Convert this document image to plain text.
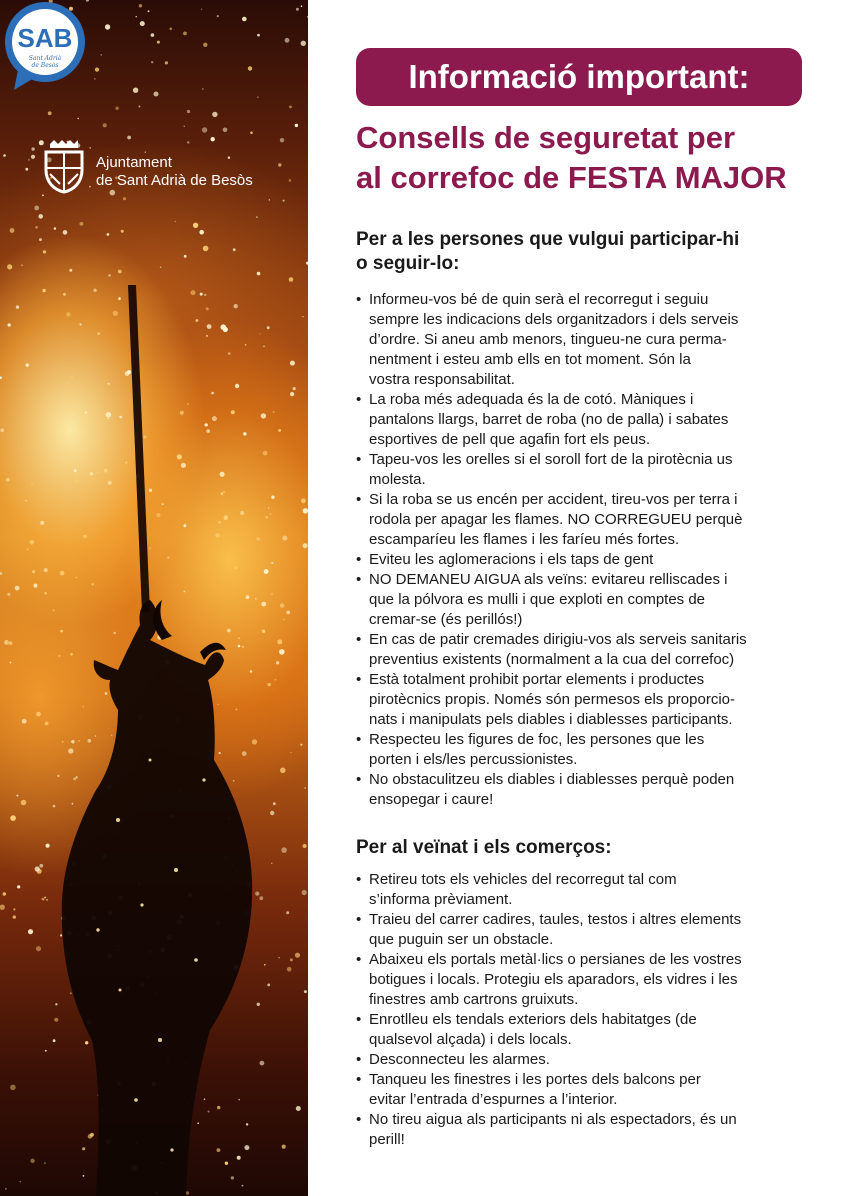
SAB
Sant Adrià
de Besòs
Ajuntament
de Sant Adrià de Besòs
Informació important:
Consells de seguretat per
al correfoc de FESTA MAJOR
Per a les persones que vulgui participar-hi
o seguir-lo:
• Informeu-vos bé de quin serà el recorregut i seguiu
sempre les indicacions dels organitzadors i dels serveis
d’ordre. Si aneu amb menors, tingueu-ne cura perma-
nentment i esteu amb ells en tot moment. Són la
vostra responsabilitat.
• La roba més adequada és la de cotó. Màniques i
pantalons llargs, barret de roba (no de palla) i sabates
esportives de pell que agafin fort els peus.
• Tapeu-vos les orelles si el soroll fort de la pirotècnia us
molesta.
• Si la roba se us encén per accident, tireu-vos per terra i
rodola per apagar les flames. NO CORREGUEU perquè
escamparíeu les flames i les faríeu més fortes.
• Eviteu les aglomeracions i els taps de gent
• NO DEMANEU AIGUA als veïns: evitareu relliscades i
que la pólvora es mulli i que exploti en comptes de
cremar-se (és perillós!)
• En cas de patir cremades dirigiu-vos als serveis sanitaris
preventius existents (normalment a la cua del correfoc)
• Està totalment prohibit portar elements i productes
pirotècnics propis. Només són permesos els proporcio-
nats i manipulats pels diables i diablesses participants.
• Respecteu les figures de foc, les persones que les
porten i els/les percussionistes.
• No obstaculitzeu els diables i diablesses perquè poden
ensopegar i caure!
Per al veïnat i els comerços:
• Retireu tots els vehicles del recorregut tal com
s’informa prèviament.
• Traieu del carrer cadires, taules, testos i altres elements
que puguin ser un obstacle.
• Abaixeu els portals metàl·lics o persianes de les vostres
botigues i locals. Protegiu els aparadors, els vidres i les
finestres amb cartrons gruixuts.
• Enrotlleu els tendals exteriors dels habitatges (de
qualsevol alçada) i dels locals.
• Desconnecteu les alarmes.
• Tanqueu les finestres i les portes dels balcons per
evitar l’entrada d’espurnes a l’interior.
• No tireu aigua als participants ni als espectadors, és un
perill!
